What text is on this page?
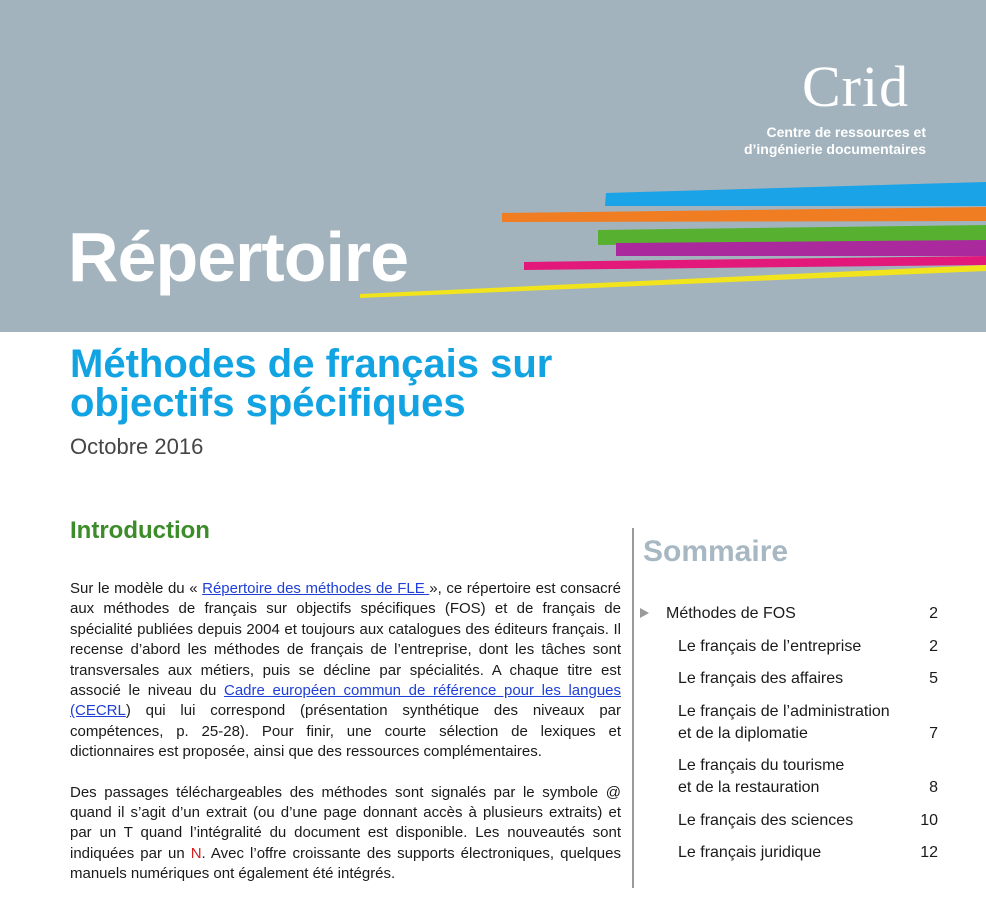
Crid
Centre de ressources et
d’ingénierie documentaires
Répertoire
Méthodes de français sur objectifs spécifiques
Octobre 2016
Introduction

Sur le modèle du « Répertoire des méthodes de FLE », ce répertoire est consacré aux méthodes de français sur objectifs spécifiques (FOS) et de français de spécialité publiées depuis 2004 et toujours aux catalogues des éditeurs français. Il recense d’abord les méthodes de français de l’entreprise, dont les tâches sont transversales aux métiers, puis se décline par spécialités. A chaque titre est associé le niveau du Cadre européen commun de référence pour les langues (CECRL) qui lui correspond (présentation synthétique des niveaux par compétences, p. 25-28). Pour finir, une courte sélection de lexiques et dictionnaires est proposée, ainsi que des ressources complémentaires.

Des passages téléchargeables des méthodes sont signalés par le symbole @ quand il s’agit d’un extrait (ou d’une page donnant accès à plusieurs extraits) et par un T quand l’intégralité du document est disponible. Les nouveautés sont indiquées par un N. Avec l’offre croissante des supports électroniques, quelques manuels numériques ont également été intégrés.

Sommaire
Méthodes de FOS	2
Le français de l’entreprise	2
Le français des affaires	5
Le français de l’administration
et de la diplomatie	7
Le français du tourisme
et de la restauration	8
Le français des sciences	10
Le français juridique	12
